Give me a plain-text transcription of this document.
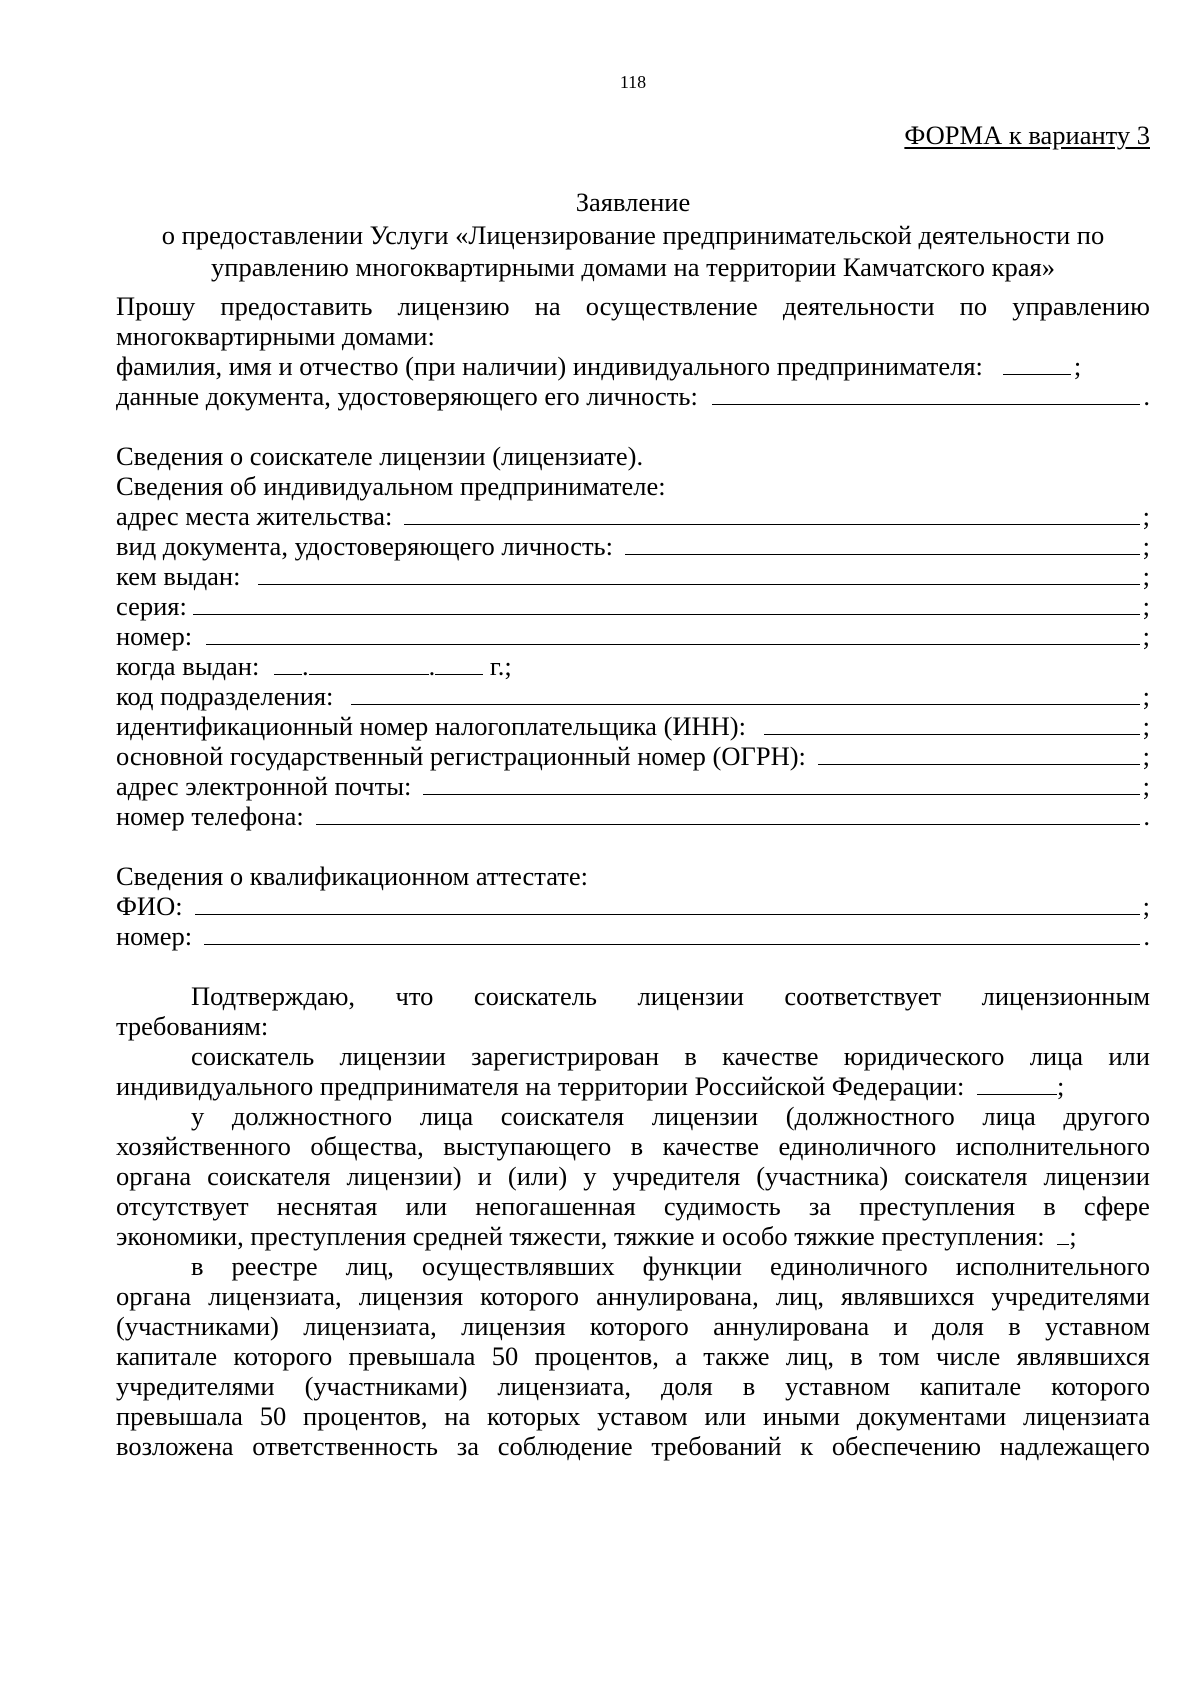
118
ФОРМА к варианту 3
Заявление
о предоставлении Услуги «Лицензирование предпринимательской деятельности по
управлению многоквартирными домами на территории Камчатского края»
Прошу предоставить лицензию на осуществление деятельности по управлению
многоквартирными домами:
фамилия, имя и отчество (при наличии) индивидуального предпринимателя:	;
данные документа, удостоверяющего его личность:	.
Сведения о соискателе лицензии (лицензиате).
Сведения об индивидуальном предпринимателе:
адрес места жительства:	;
вид документа, удостоверяющего личность:	;
кем выдан:	;
серия:	;
номер:	;
когда выдан: .	. г.;
код подразделения:	;
идентификационный номер налогоплательщика (ИНН):	;
основной государственный регистрационный номер (ОГРН):	;
адрес электронной почты:	;
номер телефона:	.
Сведения о квалификационном аттестате:
ФИО:	;
номер:	.
Подтверждаю, что соискатель лицензии соответствует лицензионным
требованиям:
соискатель лицензии зарегистрирован в качестве юридического лица или
индивидуального предпринимателя на территории Российской Федерации:	;
у должностного лица соискателя лицензии (должностного лица другого
хозяйственного общества, выступающего в качестве единоличного исполнительного
органа соискателя лицензии) и (или) у учредителя (участника) соискателя лицензии
отсутствует неснятая или непогашенная судимость за преступления в сфере
экономики, преступления средней тяжести, тяжкие и особо тяжкие преступления: ;
в реестре лиц, осуществлявших функции единоличного исполнительного
органа лицензиата, лицензия которого аннулирована, лиц, являвшихся учредителями
(участниками) лицензиата, лицензия которого аннулирована и доля в уставном
капитале которого превышала 50 процентов, а также лиц, в том числе являвшихся
учредителями (участниками) лицензиата, доля в уставном капитале которого
превышала 50 процентов, на которых уставом или иными документами лицензиата
возложена ответственность за соблюдение требований к обеспечению надлежащего
